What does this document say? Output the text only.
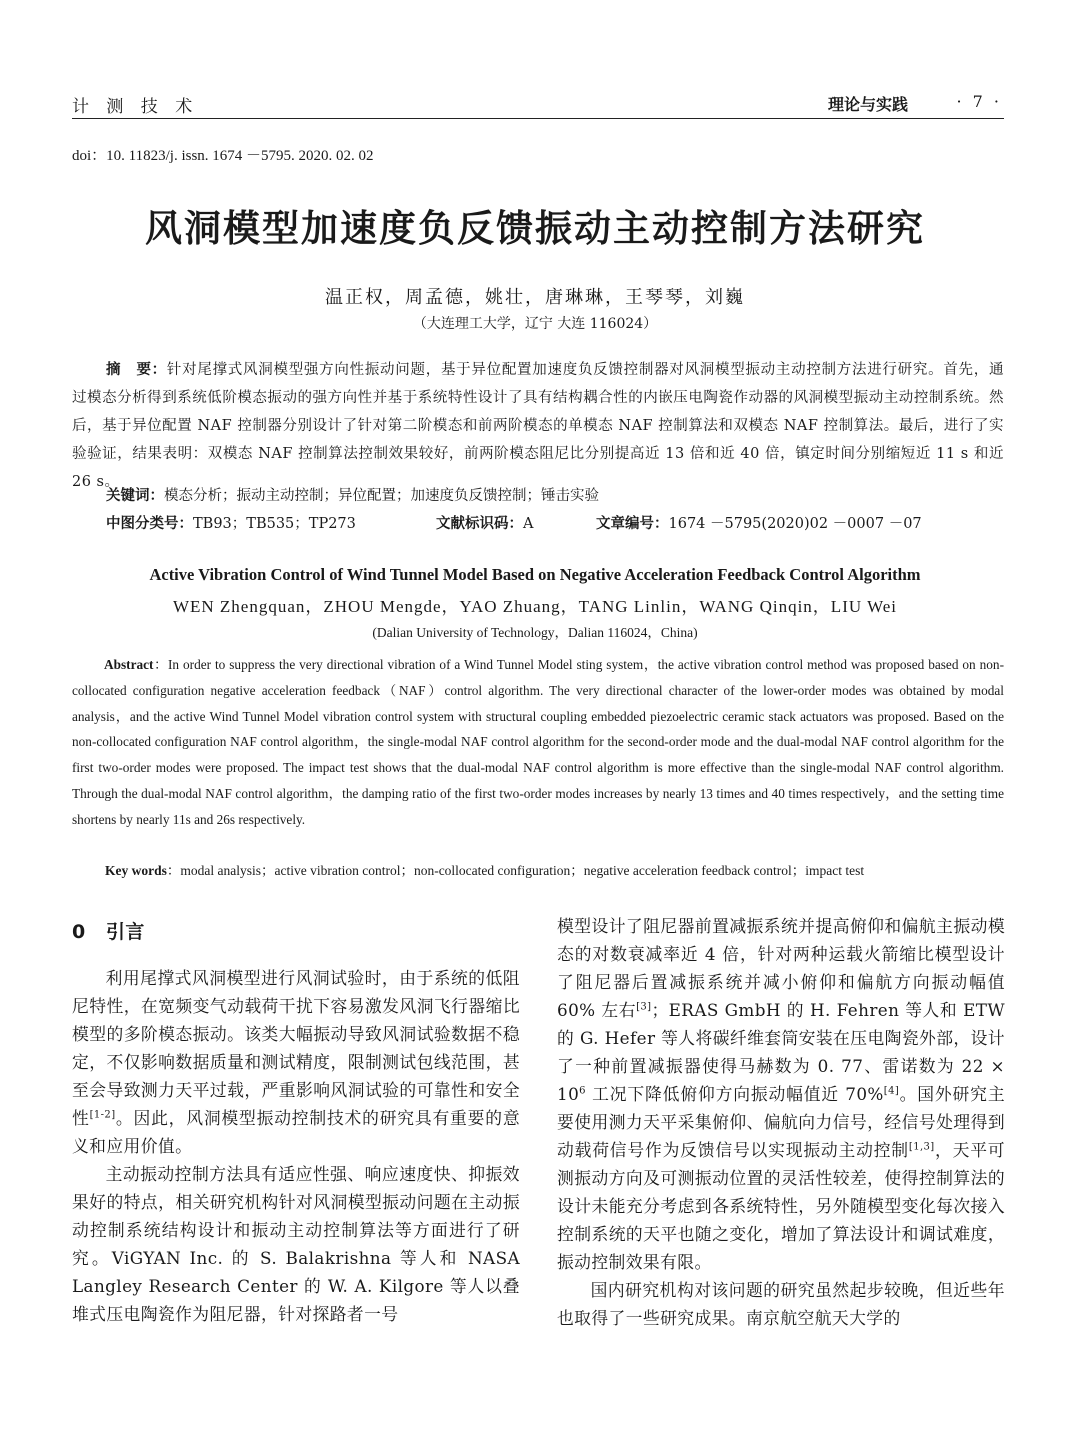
计 测 技 术	理论与实践	· 7 ·
doi：10. 11823/j. issn. 1674 －5795. 2020. 02. 02
风洞模型加速度负反馈振动主动控制方法研究
温正权，周孟德，姚壮，唐琳琳，王琴琴，刘巍
（大连理工大学，辽宁 大连 116024）
摘　要：针对尾撑式风洞模型强方向性振动问题，基于异位配置加速度负反馈控制器对风洞模型振动主动控制方法进行研究。首先，通过模态分析得到系统低阶模态振动的强方向性并基于系统特性设计了具有结构耦合性的内嵌压电陶瓷作动器的风洞模型振动主动控制系统。然后，基于异位配置 NAF 控制器分别设计了针对第二阶模态和前两阶模态的单模态 NAF 控制算法和双模态 NAF 控制算法。最后，进行了实验验证，结果表明：双模态 NAF 控制算法控制效果较好，前两阶模态阻尼比分别提高近 13 倍和近 40 倍，镇定时间分别缩短近 11 s 和近 26 s。
关键词：模态分析；振动主动控制；异位配置；加速度负反馈控制；锤击实验
中图分类号：TB93；TB535；TP273	文献标识码：A	文章编号：1674 －5795(2020)02 －0007 －07
Active Vibration Control of Wind Tunnel Model Based on Negative Acceleration Feedback Control Algorithm
WEN Zhengquan，ZHOU Mengde，YAO Zhuang，TANG Linlin，WANG Qinqin，LIU Wei
(Dalian University of Technology，Dalian 116024，China)
Abstract：In order to suppress the very directional vibration of a Wind Tunnel Model sting system，the active vibration control method was proposed based on non-collocated configuration negative acceleration feedback（NAF）control algorithm. The very directional character of the lower-order modes was obtained by modal analysis，and the active Wind Tunnel Model vibration control system with structural coupling embedded piezoelectric ceramic stack actuators was proposed. Based on the non-collocated configuration NAF control algorithm，the single-modal NAF control algorithm for the second-order mode and the dual-modal NAF control algorithm for the first two-order modes were proposed. The impact test shows that the dual-modal NAF control algorithm is more effective than the single-modal NAF control algorithm. Through the dual-modal NAF control algorithm，the damping ratio of the first two-order modes increases by nearly 13 times and 40 times respectively，and the setting time shortens by nearly 11s and 26s respectively.
Key words：modal analysis；active vibration control；non-collocated configuration；negative acceleration feedback control；impact test
0 引言

利用尾撑式风洞模型进行风洞试验时，由于系统的低阻尼特性，在宽频变气动载荷干扰下容易激发风洞飞行器缩比模型的多阶模态振动。该类大幅振动导致风洞试验数据不稳定，不仅影响数据质量和测试精度，限制测试包线范围，甚至会导致测力天平过载，严重影响风洞试验的可靠性和安全性[1-2]。因此，风洞模型振动控制技术的研究具有重要的意义和应用价值。

主动振动控制方法具有适应性强、响应速度快、抑振效果好的特点，相关研究机构针对风洞模型振动问题在主动振动控制系统结构设计和振动主动控制算法等方面进行了研究。ViGYAN Inc. 的 S. Balakrishna 等人和 NASA Langley Research Center 的 W. A. Kilgore 等人以叠堆式压电陶瓷作为阻尼器，针对探路者一号

模型设计了阻尼器前置减振系统并提高俯仰和偏航主振动模态的对数衰减率近 4 倍，针对两种运载火箭缩比模型设计了阻尼器后置减振系统并减小俯仰和偏航方向振动幅值 60% 左右[3]；ERAS GmbH 的 H. Fehren 等人和 ETW 的 G. Hefer 等人将碳纤维套筒安装在压电陶瓷外部，设计了一种前置减振器使得马赫数为 0. 77、雷诺数为 $22 \times 10^6$ 工况下降低俯仰方向振动幅值近 70%[4]。国外研究主要使用测力天平采集俯仰、偏航向力信号，经信号处理得到动载荷信号作为反馈信号以实现振动主动控制[1,3]，天平可测振动方向及可测振动位置的灵活性较差，使得控制算法的设计未能充分考虑到各系统特性，另外随模型变化每次接入控制系统的天平也随之变化，增加了算法设计和调试难度，振动控制效果有限。

国内研究机构对该问题的研究虽然起步较晚，但近些年也取得了一些研究成果。南京航空航天大学的
